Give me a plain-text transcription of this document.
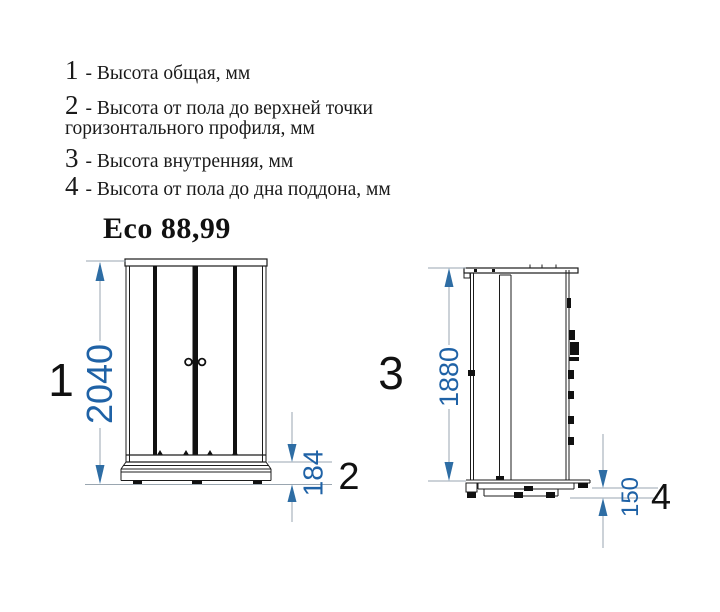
1 - Высота общая, мм
2 - Высота от пола до верхней точки
горизонтального профиля, мм
3 - Высота внутренняя, мм
4 - Высота от пола до дна поддона, мм
Eco 88,99
2040
1
184 2
1880
3
150 4
